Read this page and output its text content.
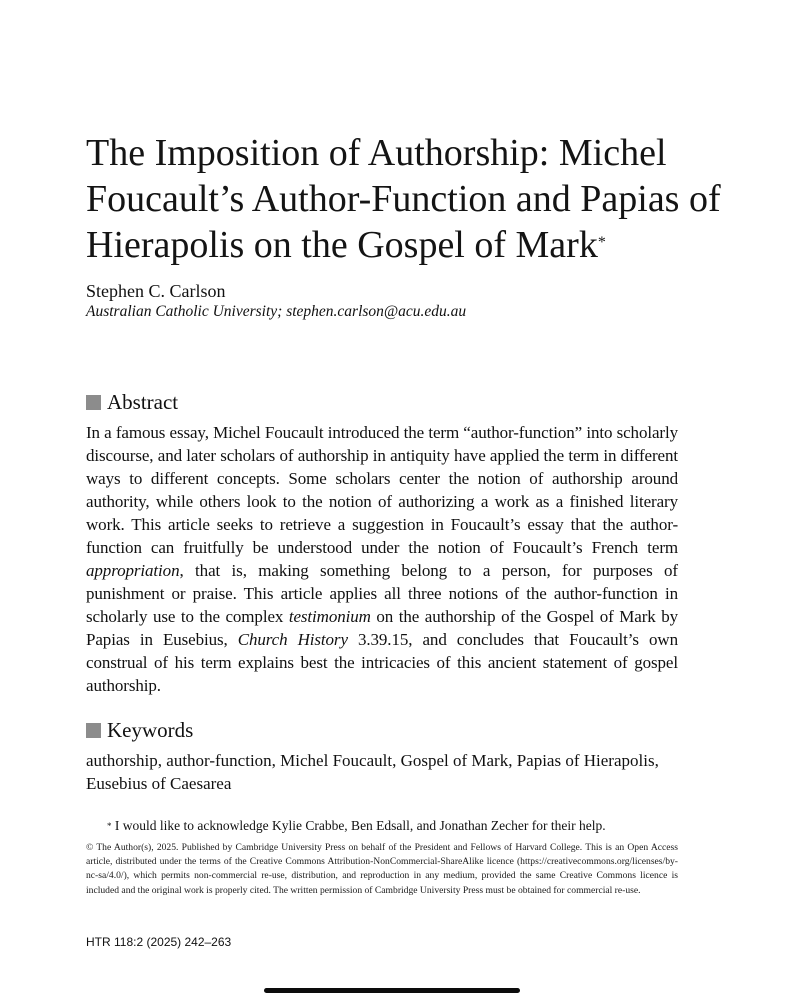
The Imposition of Authorship: Michel Foucault’s Author-Function and Papias of Hierapolis on the Gospel of Mark*

Stephen C. Carlson

Australian Catholic University; stephen.carlson@acu.edu.au

Abstract

In a famous essay, Michel Foucault introduced the term “author-function” into scholarly discourse, and later scholars of authorship in antiquity have applied the term in different ways to different concepts. Some scholars center the notion of authorship around authority, while others look to the notion of authorizing a work as a finished literary work. This article seeks to retrieve a suggestion in Foucault’s essay that the author-function can fruitfully be understood under the notion of Foucault’s French term appropriation, that is, making something belong to a person, for purposes of punishment or praise. This article applies all three notions of the author-function in scholarly use to the complex testimonium on the authorship of the Gospel of Mark by Papias in Eusebius, Church History 3.39.15, and concludes that Foucault’s own construal of his term explains best the intricacies of this ancient statement of gospel authorship.

Keywords

authorship, author-function, Michel Foucault, Gospel of Mark, Papias of Hierapolis, Eusebius of Caesarea

* I would like to acknowledge Kylie Crabbe, Ben Edsall, and Jonathan Zecher for their help.

© The Author(s), 2025. Published by Cambridge University Press on behalf of the President and Fellows of Harvard College. This is an Open Access article, distributed under the terms of the Creative Commons Attribution-NonCommercial-ShareAlike licence (https://creativecommons.org/licenses/by-nc-sa/4.0/), which permits non-commercial re-use, distribution, and reproduction in any medium, provided the same Creative Commons licence is included and the original work is properly cited. The written permission of Cambridge University Press must be obtained for commercial re-use.

HTR 118:2 (2025) 242–263
